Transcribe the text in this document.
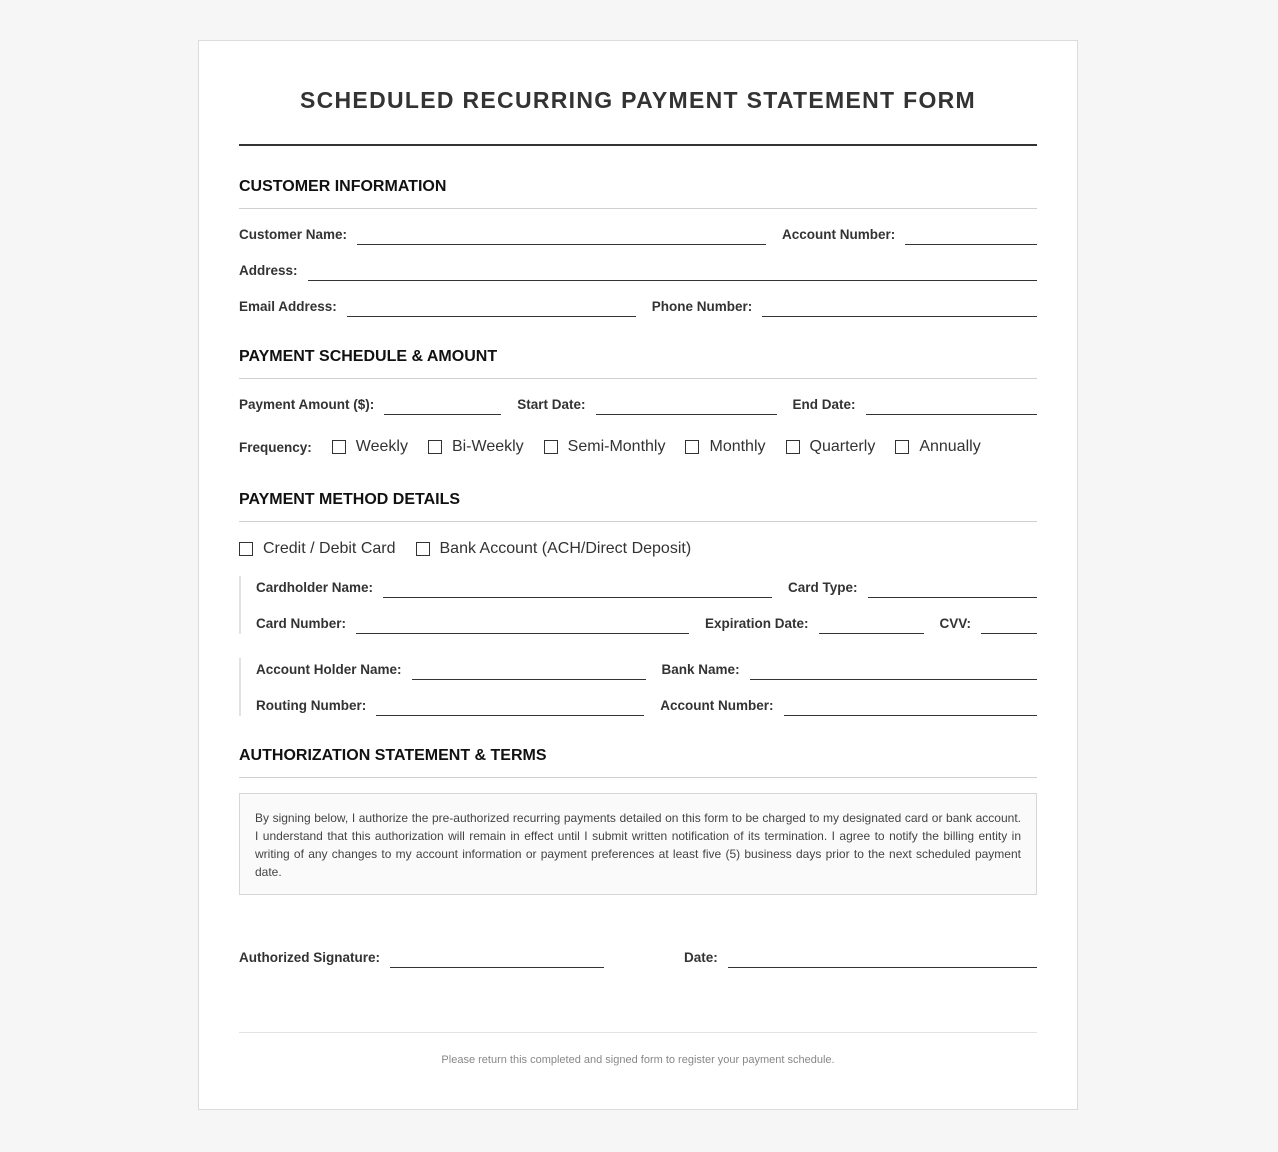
SCHEDULED RECURRING PAYMENT STATEMENT FORM
CUSTOMER INFORMATION
Customer Name:	Account Number:
Address:
Email Address:	Phone Number:
PAYMENT SCHEDULE & AMOUNT
Payment Amount ($):	Start Date:	End Date:
Frequency:	Weekly	Bi-Weekly	Semi-Monthly	Monthly	Quarterly	Annually
PAYMENT METHOD DETAILS
Credit / Debit Card	Bank Account (ACH/Direct Deposit)
Cardholder Name:	Card Type:
Card Number:	Expiration Date:	CVV:
Account Holder Name:	Bank Name:
Routing Number:	Account Number:
AUTHORIZATION STATEMENT & TERMS
By signing below, I authorize the pre-authorized recurring payments detailed on this form to be charged to my designated card or bank account. I understand that this authorization will remain in effect until I submit written notification of its termination. I agree to notify the billing entity in writing of any changes to my account information or payment preferences at least five (5) business days prior to the next scheduled payment date.
Authorized Signature:	Date:
Please return this completed and signed form to register your payment schedule.
